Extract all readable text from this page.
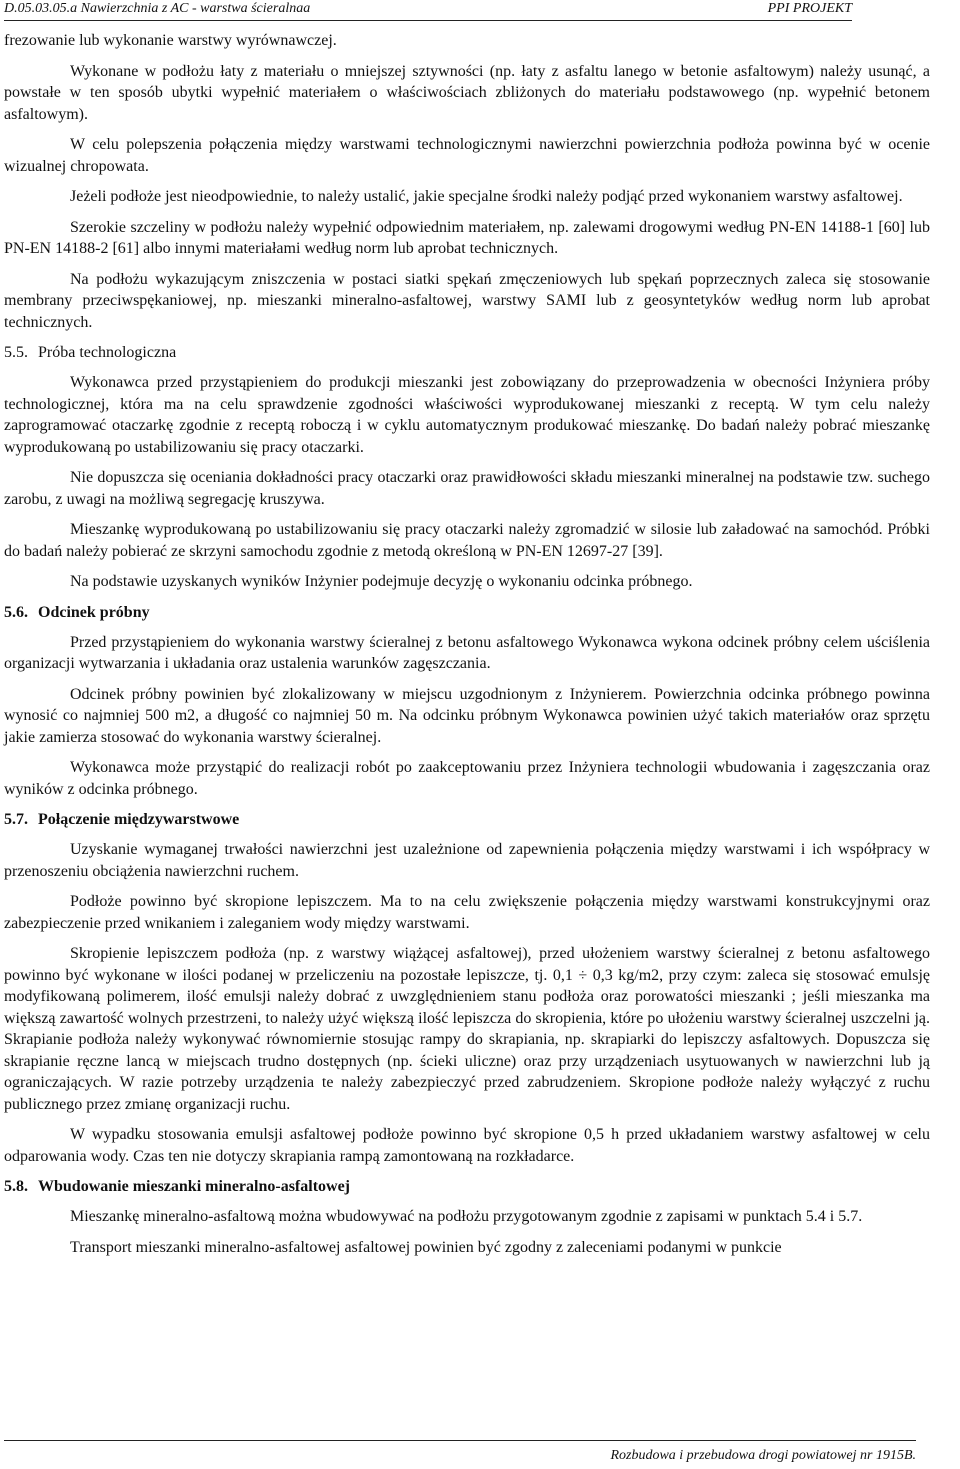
D.05.03.05.a Nawierzchnia z AC - warstwa ścieralnaa	PPI PROJEKT

frezowanie lub wykonanie warstwy wyrównawczej.

Wykonane w podłożu łaty z materiału o mniejszej sztywności (np. łaty z asfaltu lanego w betonie asfaltowym) należy usunąć, a powstałe w ten sposób ubytki wypełnić materiałem o właściwościach zbliżonych do materiału podstawowego (np. wypełnić betonem asfaltowym).

W celu polepszenia połączenia między warstwami technologicznymi nawierzchni powierzchnia podłoża powinna być w ocenie wizualnej chropowata.

Jeżeli podłoże jest nieodpowiednie, to należy ustalić, jakie specjalne środki należy podjąć przed wykonaniem warstwy asfaltowej.

Szerokie szczeliny w podłożu należy wypełnić odpowiednim materiałem, np. zalewami drogowymi według PN-EN 14188-1 [60] lub PN-EN 14188-2 [61] albo innymi materiałami według norm lub aprobat technicznych.

Na podłożu wykazującym zniszczenia w postaci siatki spękań zmęczeniowych lub spękań poprzecznych zaleca się stosowanie membrany przeciwspękaniowej, np. mieszanki mineralno-asfaltowej, warstwy SAMI lub z geosyntetyków według norm lub aprobat technicznych.

5.5. Próba technologiczna

Wykonawca przed przystąpieniem do produkcji mieszanki jest zobowiązany do przeprowadzenia w obecności Inżyniera próby technologicznej, która ma na celu sprawdzenie zgodności właściwości wyprodukowanej mieszanki z receptą. W tym celu należy zaprogramować otaczarkę zgodnie z receptą roboczą i w cyklu automatycznym produkować mieszankę. Do badań należy pobrać mieszankę wyprodukowaną po ustabilizowaniu się pracy otaczarki.

Nie dopuszcza się oceniania dokładności pracy otaczarki oraz prawidłowości składu mieszanki mineralnej na podstawie tzw. suchego zarobu, z uwagi na możliwą segregację kruszywa.

Mieszankę wyprodukowaną po ustabilizowaniu się pracy otaczarki należy zgromadzić w silosie lub załadować na samochód. Próbki do badań należy pobierać ze skrzyni samochodu zgodnie z metodą określoną w PN-EN 12697-27 [39].

Na podstawie uzyskanych wyników Inżynier podejmuje decyzję o wykonaniu odcinka próbnego.

5.6. Odcinek próbny

Przed przystąpieniem do wykonania warstwy ścieralnej z betonu asfaltowego Wykonawca wykona odcinek próbny celem uściślenia organizacji wytwarzania i układania oraz ustalenia warunków zagęszczania.

Odcinek próbny powinien być zlokalizowany w miejscu uzgodnionym z Inżynierem. Powierzchnia odcinka próbnego powinna wynosić co najmniej 500 m2, a długość co najmniej 50 m. Na odcinku próbnym Wykonawca powinien użyć takich materiałów oraz sprzętu jakie zamierza stosować do wykonania warstwy ścieralnej.

Wykonawca może przystąpić do realizacji robót po zaakceptowaniu przez Inżyniera technologii wbudowania i zagęszczania oraz wyników z odcinka próbnego.

5.7. Połączenie międzywarstwowe

Uzyskanie wymaganej trwałości nawierzchni jest uzależnione od zapewnienia połączenia między warstwami i ich współpracy w przenoszeniu obciążenia nawierzchni ruchem.

Podłoże powinno być skropione lepiszczem. Ma to na celu zwiększenie połączenia między warstwami konstrukcyjnymi oraz zabezpieczenie przed wnikaniem i zaleganiem wody między warstwami.

Skropienie lepiszczem podłoża (np. z warstwy wiążącej asfaltowej), przed ułożeniem warstwy ścieralnej z betonu asfaltowego powinno być wykonane w ilości podanej w przeliczeniu na pozostałe lepiszcze, tj. 0,1 ÷ 0,3 kg/m2, przy czym: zaleca się stosować emulsję modyfikowaną polimerem, ilość emulsji należy dobrać z uwzględnieniem stanu podłoża oraz porowatości mieszanki ; jeśli mieszanka ma większą zawartość wolnych przestrzeni, to należy użyć większą ilość lepiszcza do skropienia, które po ułożeniu warstwy ścieralnej uszczelni ją. Skrapianie podłoża należy wykonywać równomiernie stosując rampy do skrapiania, np. skrapiarki do lepiszczy asfaltowych. Dopuszcza się skrapianie ręczne lancą w miejscach trudno dostępnych (np. ścieki uliczne) oraz przy urządzeniach usytuowanych w nawierzchni lub ją ograniczających. W razie potrzeby urządzenia te należy zabezpieczyć przed zabrudzeniem. Skropione podłoże należy wyłączyć z ruchu publicznego przez zmianę organizacji ruchu.

W wypadku stosowania emulsji asfaltowej podłoże powinno być skropione 0,5 h przed układaniem warstwy asfaltowej w celu odparowania wody. Czas ten nie dotyczy skrapiania rampą zamontowaną na rozkładarce.

5.8. Wbudowanie mieszanki mineralno-asfaltowej

Mieszankę mineralno-asfaltową można wbudowywać na podłożu przygotowanym zgodnie z zapisami w punktach 5.4 i 5.7.

Transport mieszanki mineralno-asfaltowej asfaltowej powinien być zgodny z zaleceniami podanymi w punkcie

Rozbudowa i przebudowa drogi powiatowej nr 1915B.
